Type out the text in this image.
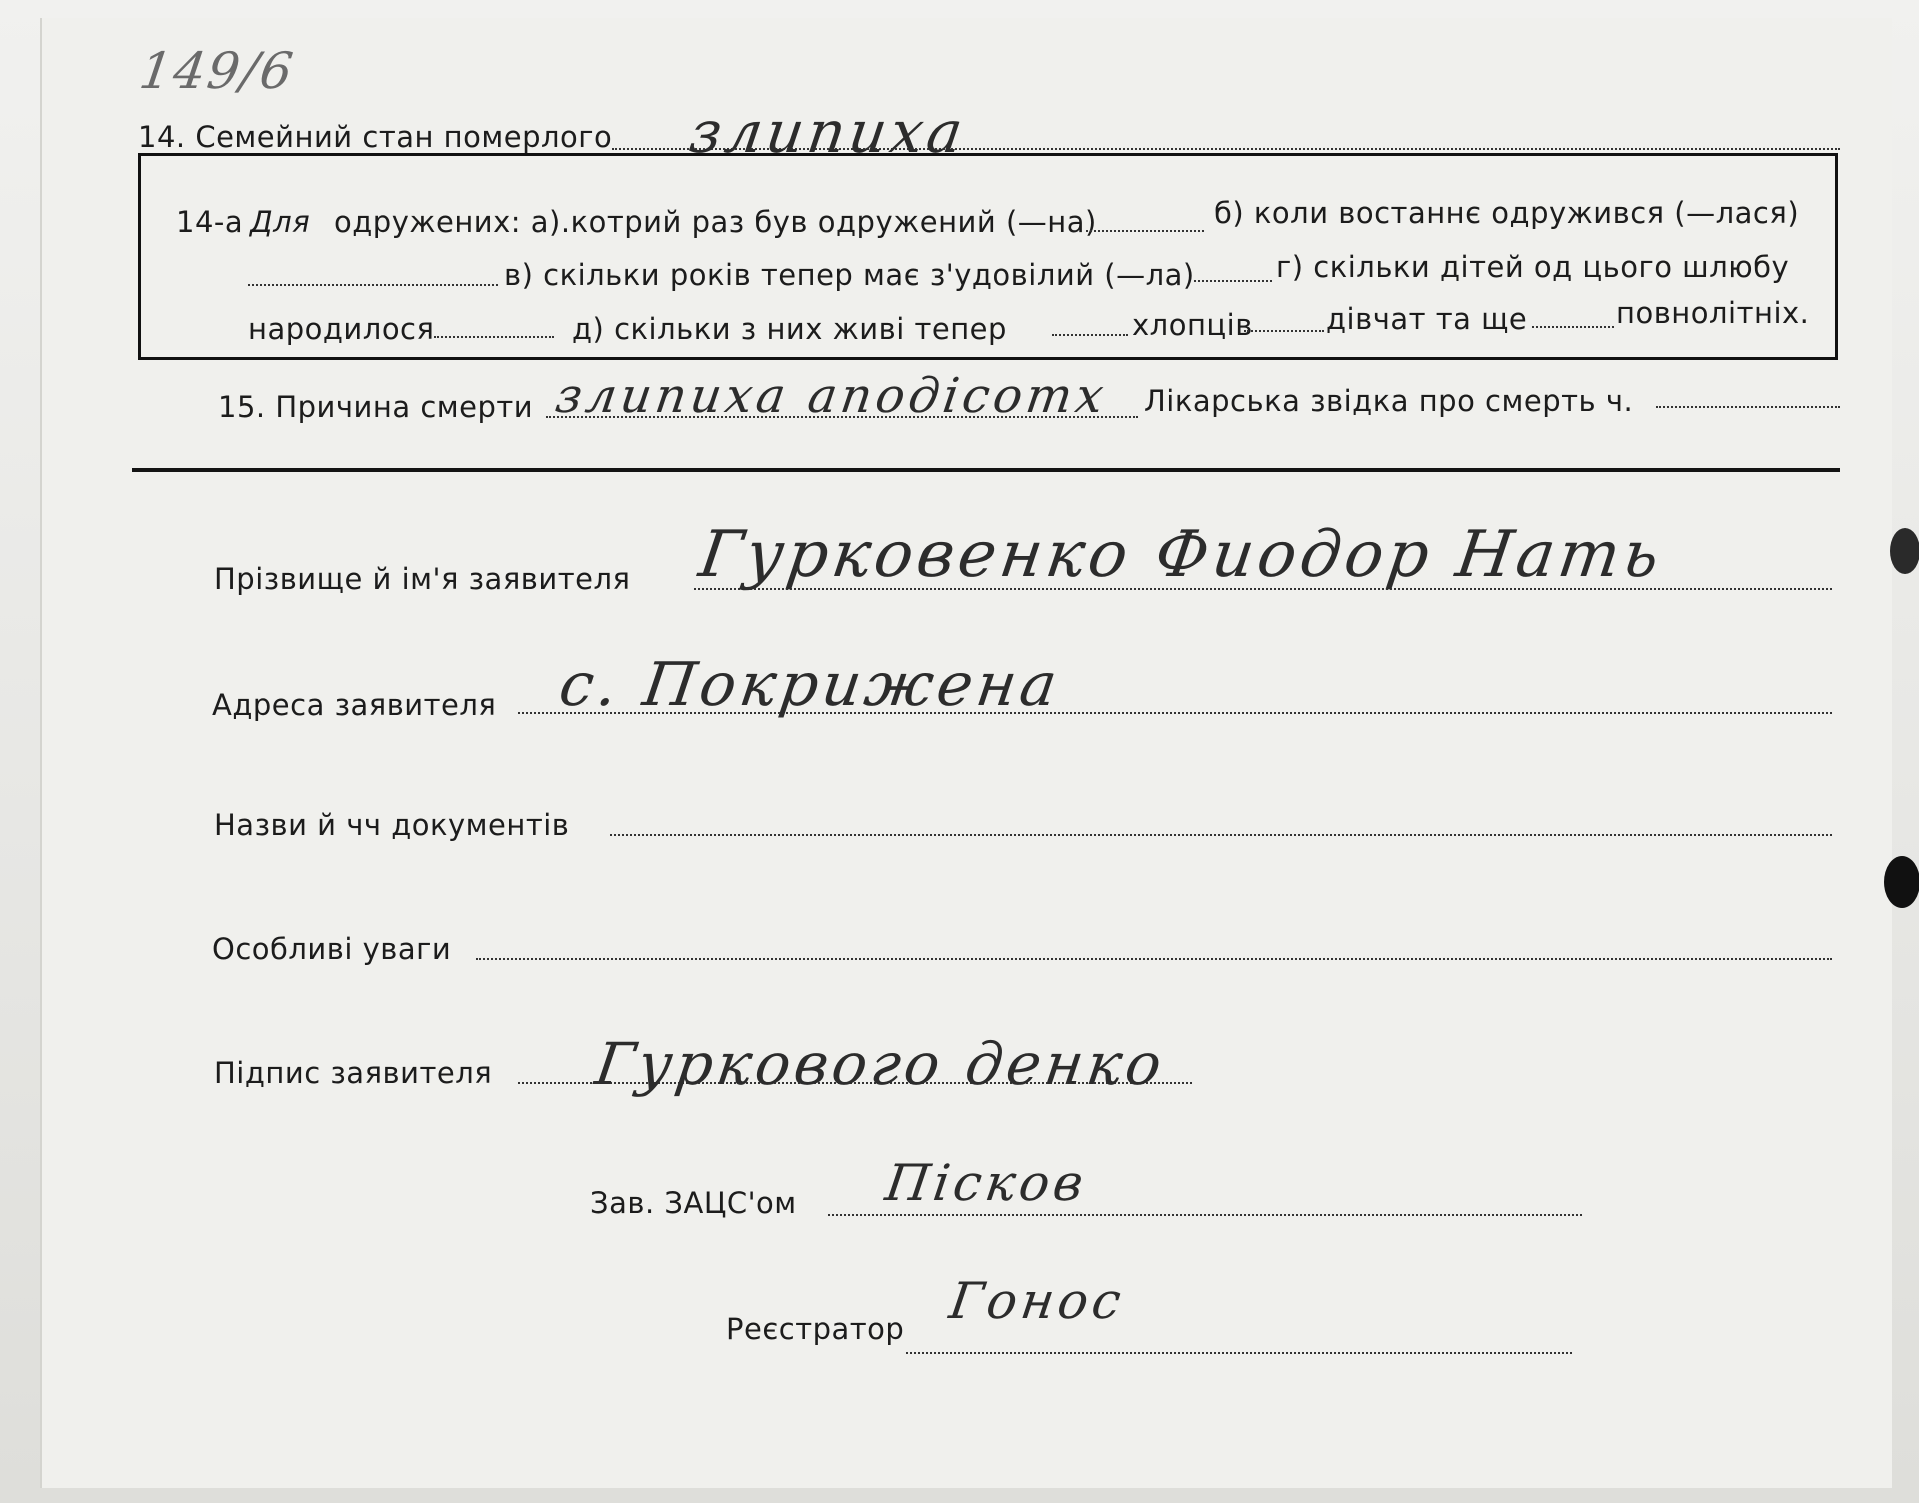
149/6
14. Семейний стан померлого злипиха
14-а Для одружених: а).котрий раз був одружений (—на)	б) коли востаннє одружився (—лася)
в) скільки років тепер має з'удовілий (—ла)	г) скільки дітей од цього шлюбу
народилося	д) скільки з них живі тепер	хлопців	дівчат та ще	повнолітніх.
15. Причина смерти злипиха аподісотх Лікарська звідка про смерть ч.
Прізвище й ім'я заявителя Гурковенко Фиодор Нать
Адреса заявителя с. Покрижена
Назви й чч документів
Особливі уваги
Підпис заявителя Гуркового денко
Зав. ЗАЦС'ом Пісков
Реєстратор Гонос
